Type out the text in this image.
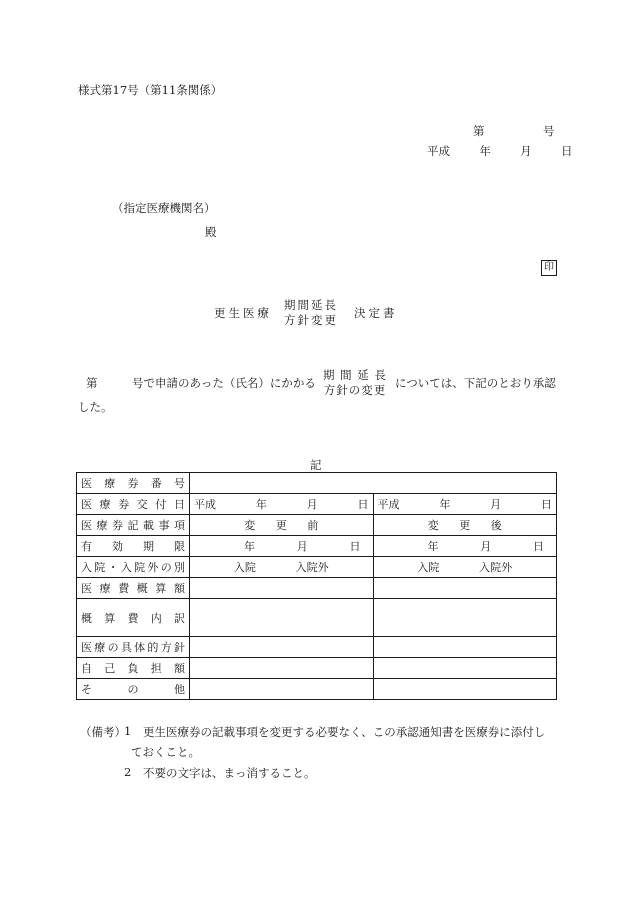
様式第17号（第11条関係）
第	号
平成	年	月	日
（指定医療機関名）
殿
印
更生医療
期間延長
方針変更 決定書
第	号で申請のあった（氏名）にかかる
期 間 延 長
方針の変更 については、下記のとおり承認
した。
記
医療券番号		
医療券交付日	平成 年 月 日	平成 年 月 日

医療券記載事項	変 更 前	変 更 後

有効期限	年 月 日	年 月 日

入院・入院外の別	入院 入院外	入院 入院外

医療費概算額		
概算費内訳		
医療の具体的方針		
自己負担額		
その他		
（備考）
1 更生医療券の記載事項を変更する必要なく、この承認通知書を医療券に添付し
ておくこと。
2 不要の文字は、まっ消すること。
